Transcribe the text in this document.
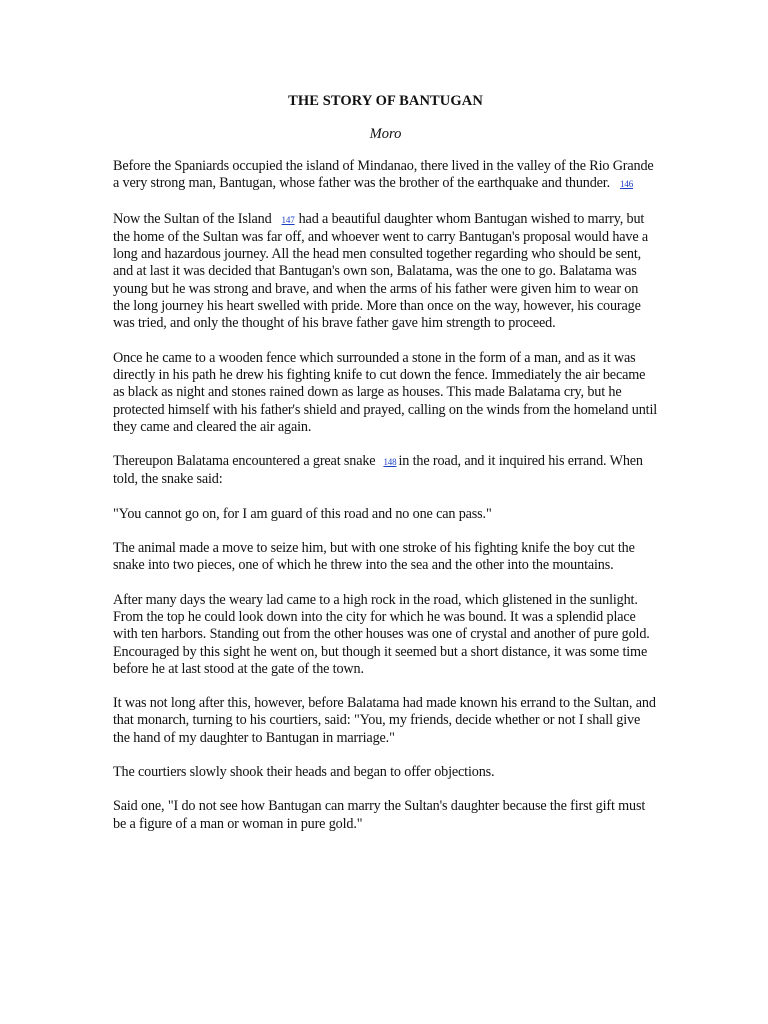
THE STORY OF BANTUGAN
Moro

Before the Spaniards occupied the island of Mindanao, there lived in the valley of the Rio Grande a very strong man, Bantugan, whose father was the brother of the earthquake and thunder. 146

Now the Sultan of the Island 147 had a beautiful daughter whom Bantugan wished to marry, but the home of the Sultan was far off, and whoever went to carry Bantugan's proposal would have a long and hazardous journey. All the head men consulted together regarding who should be sent, and at last it was decided that Bantugan's own son, Balatama, was the one to go. Balatama was young but he was strong and brave, and when the arms of his father were given him to wear on the long journey his heart swelled with pride. More than once on the way, however, his courage was tried, and only the thought of his brave father gave him strength to proceed.

Once he came to a wooden fence which surrounded a stone in the form of a man, and as it was directly in his path he drew his fighting knife to cut down the fence. Immediately the air became as black as night and stones rained down as large as houses. This made Balatama cry, but he protected himself with his father's shield and prayed, calling on the winds from the homeland until they came and cleared the air again.

Thereupon Balatama encountered a great snake 148 in the road, and it inquired his errand. When told, the snake said:

"You cannot go on, for I am guard of this road and no one can pass."

The animal made a move to seize him, but with one stroke of his fighting knife the boy cut the snake into two pieces, one of which he threw into the sea and the other into the mountains.

After many days the weary lad came to a high rock in the road, which glistened in the sunlight. From the top he could look down into the city for which he was bound. It was a splendid place with ten harbors. Standing out from the other houses was one of crystal and another of pure gold. Encouraged by this sight he went on, but though it seemed but a short distance, it was some time before he at last stood at the gate of the town.

It was not long after this, however, before Balatama had made known his errand to the Sultan, and that monarch, turning to his courtiers, said: "You, my friends, decide whether or not I shall give the hand of my daughter to Bantugan in marriage."

The courtiers slowly shook their heads and began to offer objections.

Said one, "I do not see how Bantugan can marry the Sultan's daughter because the first gift must be a figure of a man or woman in pure gold."
